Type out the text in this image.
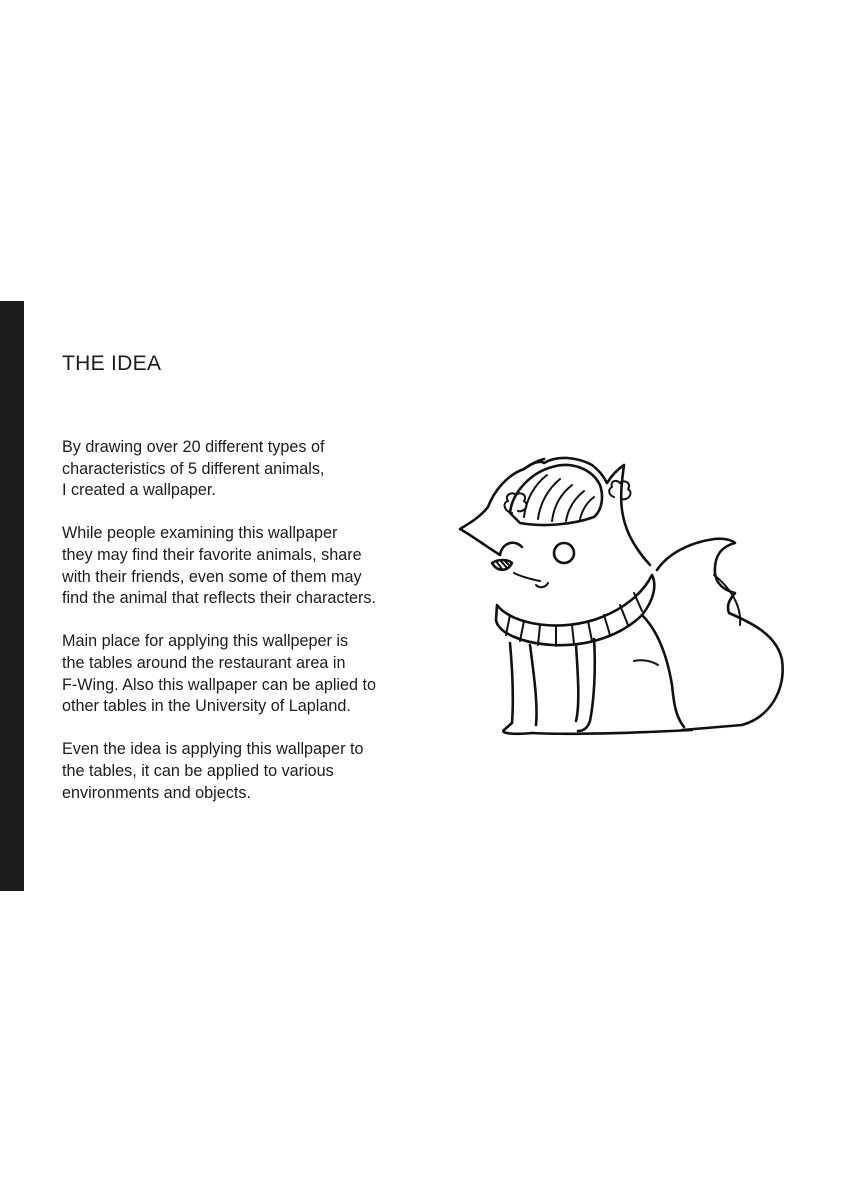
THE IDEA

By drawing over 20 different types of
characteristics of 5 different animals,
I created a wallpaper.

While people examining this wallpaper
they may find their favorite animals, share
with their friends, even some of them may
find the animal that reflects their characters.

Main place for applying this wallpeper is
the tables around the restaurant area in
F-Wing. Also this wallpaper can be aplied to
other tables in the University of Lapland.

Even the idea is applying this wallpaper to
the tables, it can be applied to various
environments and objects.
